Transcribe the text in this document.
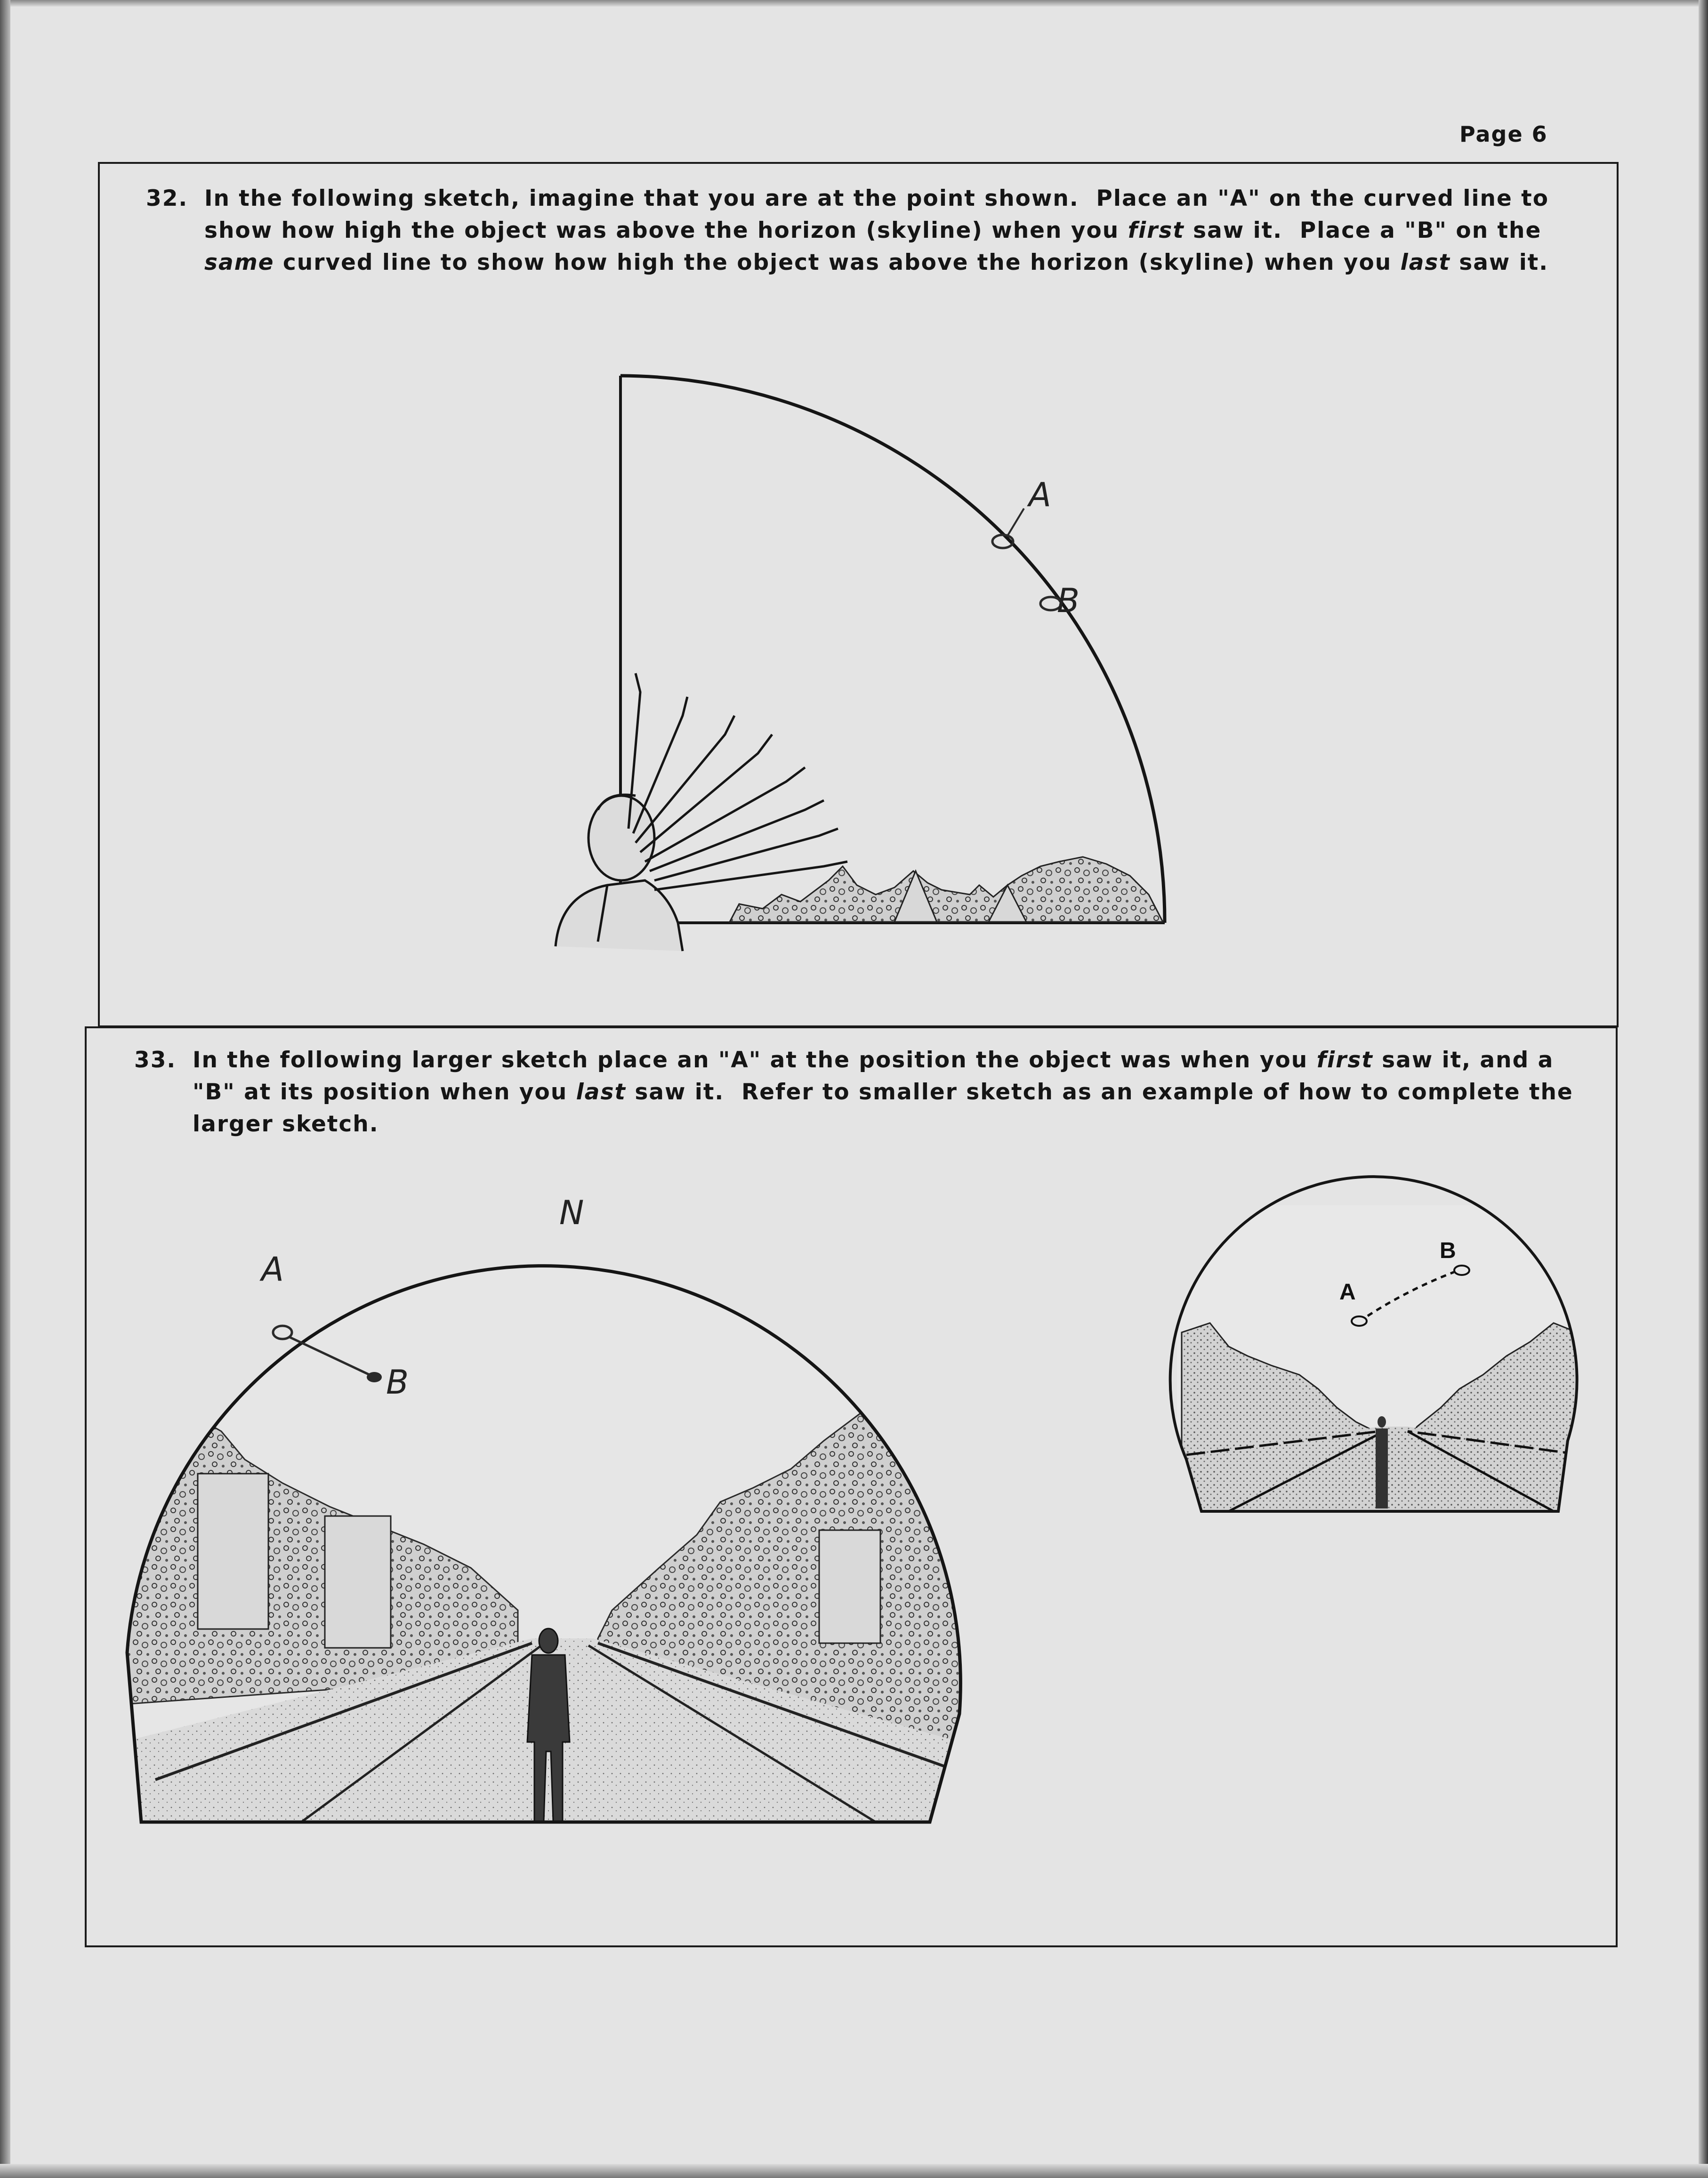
Page 6
32. In the following sketch, imagine that you are at the point shown.  Place an "A" on the curved line to show how high the object was above the horizon (skyline) when you first saw it.  Place a "B" on the same curved line to show how high the object was above the horizon (skyline) when you last saw it.
33. In the following larger sketch place an "A" at the position the object was when you first saw it, and a "B" at its position when you last saw it.  Refer to smaller sketch as an example of how to complete the larger sketch.
A
B
N
A
B
A
B
